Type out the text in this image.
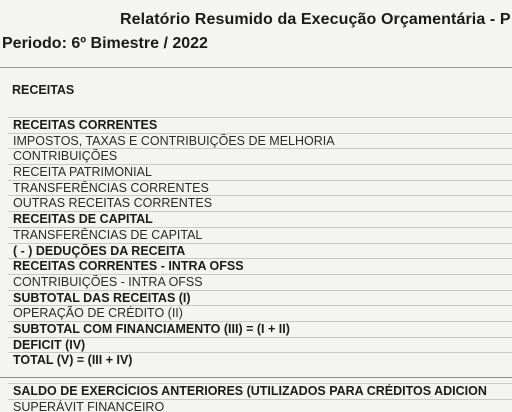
Relatório Resumido da Execução Orçamentária - P
Periodo: 6º Bimestre / 2022
RECEITAS
RECEITAS CORRENTES
IMPOSTOS, TAXAS E CONTRIBUIÇÕES DE MELHORIA
CONTRIBUIÇÕES
RECEITA PATRIMONIAL
TRANSFERÊNCIAS CORRENTES
OUTRAS RECEITAS CORRENTES
RECEITAS DE CAPITAL
TRANSFERÊNCIAS DE CAPITAL
( - ) DEDUÇÕES DA RECEITA
RECEITAS CORRENTES - INTRA OFSS
CONTRIBUIÇÕES - INTRA OFSS
SUBTOTAL DAS RECEITAS (I)
OPERAÇÃO DE CRÉDITO (II)
SUBTOTAL COM FINANCIAMENTO (III) = (I + II)
DEFICIT (IV)
TOTAL (V) = (III + IV)
SALDO DE EXERCÍCIOS ANTERIORES (UTILIZADOS PARA CRÉDITOS ADICION
SUPERÁVIT FINANCEIRO
